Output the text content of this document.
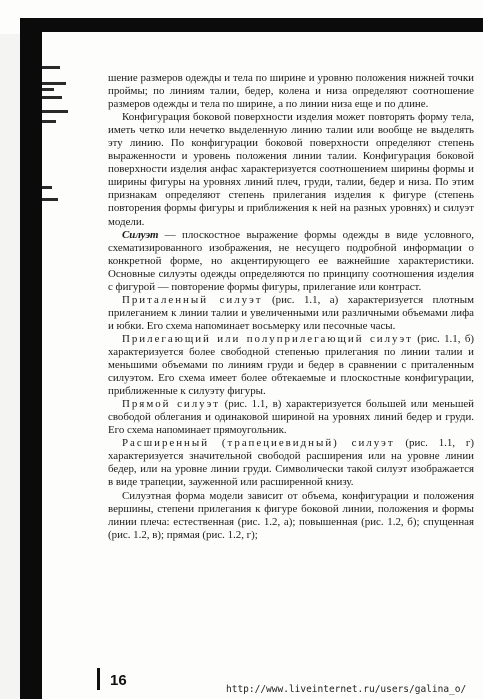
шение размеров одежды и тела по ширине и уровню положения нижней точки проймы; по линиям талии, бедер, колена и низа определяют соотношение размеров одежды и тела по ширине, а по линии низа еще и по длине.

Конфигурация боковой поверхности изделия может повторять форму тела, иметь четко или нечетко выделенную линию талии или вообще не выделять эту линию. По конфигурации боковой поверхности определяют степень выраженности и уровень положения линии талии. Конфигурация боковой поверхности изделия анфас характеризуется соотношением ширины формы и ширины фигуры на уровнях линий плеч, груди, талии, бедер и низа. По этим признакам определяют степень прилегания изделия к фигуре (степень повторения формы фигуры и приближения к ней на разных уровнях) и силуэт модели.

Силуэт — плоскостное выражение формы одежды в виде условного, схематизированного изображения, не несущего подробной информации о конкретной форме, но акцентирующего ее важнейшие характеристики. Основные силуэты одежды определяются по принципу соотношения изделия с фигурой — повторение формы фигуры, прилегание или контраст.

Приталенный силуэт (рис. 1.1, а) характеризуется плотным прилеганием к линии талии и увеличенными или различными объемами лифа и юбки. Его схема напоминает восьмерку или песочные часы.

Прилегающий или полуприлегающий силуэт (рис. 1.1, б) характеризуется более свободной степенью прилегания по линии талии и меньшими объемами по линиям груди и бедер в сравнении с приталенным силуэтом. Его схема имеет более обтекаемые и плоскостные конфигурации, приближенные к силуэту фигуры.

Прямой силуэт (рис. 1.1, в) характеризуется большей или меньшей свободой облегания и одинаковой шириной на уровнях линий бедер и груди. Его схема напоминает прямоугольник.

Расширенный (трапециевидный) силуэт (рис. 1.1, г) характеризуется значительной свободой расширения или на уровне линии бедер, или на уровне линии груди. Символически такой силуэт изображается в виде трапеции, зауженной или расширенной книзу.

Силуэтная форма модели зависит от объема, конфигурации и положения вершины, степени прилегания к фигуре боковой линии, положения и формы линии плеча: естественная (рис. 1.2, а); повышенная (рис. 1.2, б); спущенная (рис. 1.2, в); прямая (рис. 1.2, г);

16
http://www.liveinternet.ru/users/galina_o/
